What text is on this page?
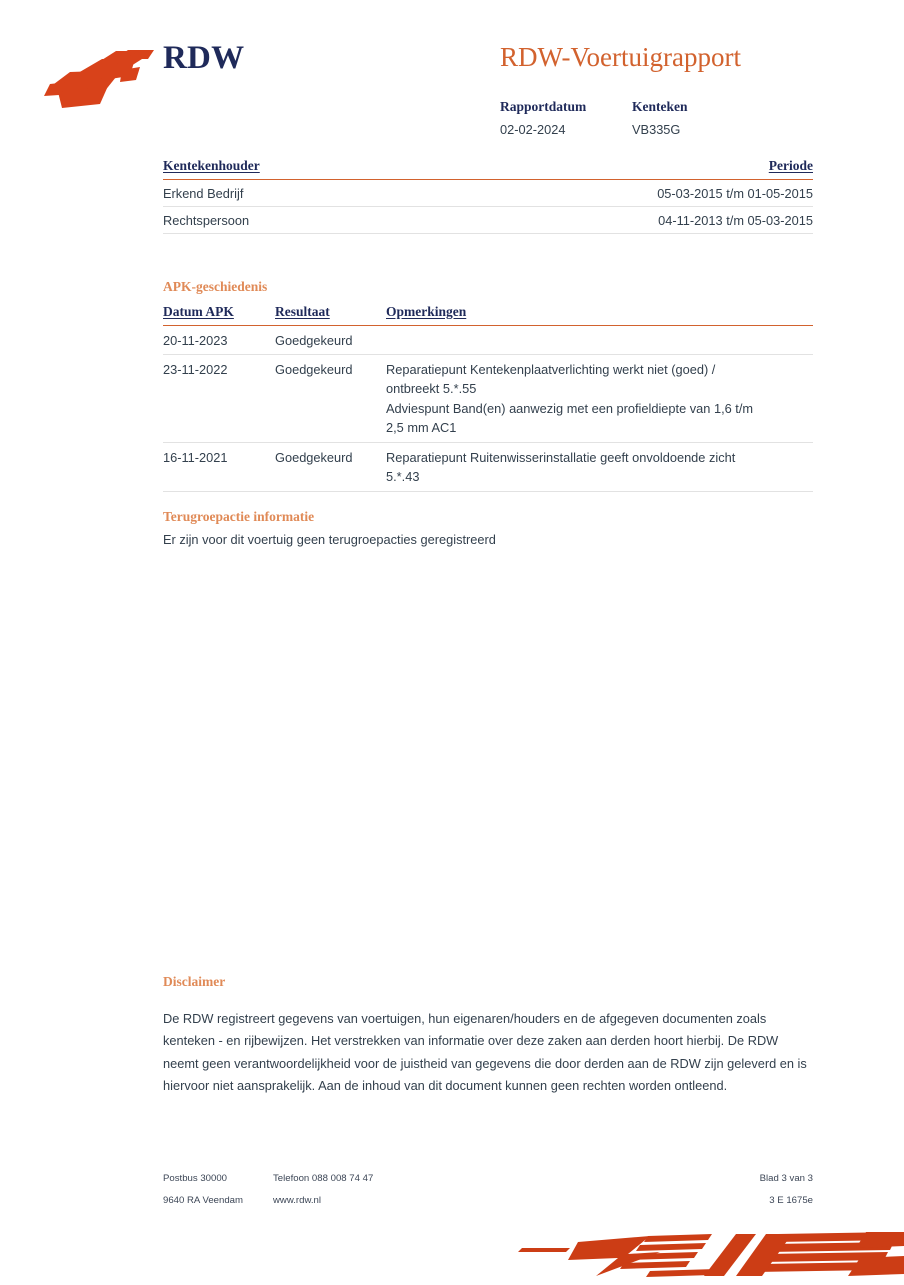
RDW	RDW-Voertuigrapport
Rapportdatum
02-02-2024
Kenteken
VB335G
Kentekenhouder	Periode
Erkend Bedrijf	05-03-2015 t/m 01-05-2015
Rechtspersoon	04-11-2013 t/m 05-03-2015
APK-geschiedenis
Datum APK	Resultaat	Opmerkingen
20-11-2023	Goedgekeurd	
23-11-2022	Goedgekeurd	Reparatiepunt Kentekenplaatverlichting werkt niet (goed) /
ontbreekt 5.*.55
Adviespunt Band(en) aanwezig met een profieldiepte van 1,6 t/m
2,5 mm AC1

16-11-2021	Goedgekeurd	Reparatiepunt Ruitenwisserinstallatie geeft onvoldoende zicht
5.*.43
Terugroepactie informatie
Er zijn voor dit voertuig geen terugroepacties geregistreerd
Disclaimer
De RDW registreert gegevens van voertuigen, hun eigenaren/houders en de afgegeven documenten zoals kenteken - en rijbewijzen. Het verstrekken van informatie over deze zaken aan derden hoort hierbij. De RDW neemt geen verantwoordelijkheid voor de juistheid van gegevens die door derden aan de RDW zijn geleverd en is hiervoor niet aansprakelijk. Aan de inhoud van dit document kunnen geen rechten worden ontleend.
Postbus 30000	Telefoon 088 008 74 47	Blad 3 van 3
9640 RA Veendam	www.rdw.nl	3 E 1675e
